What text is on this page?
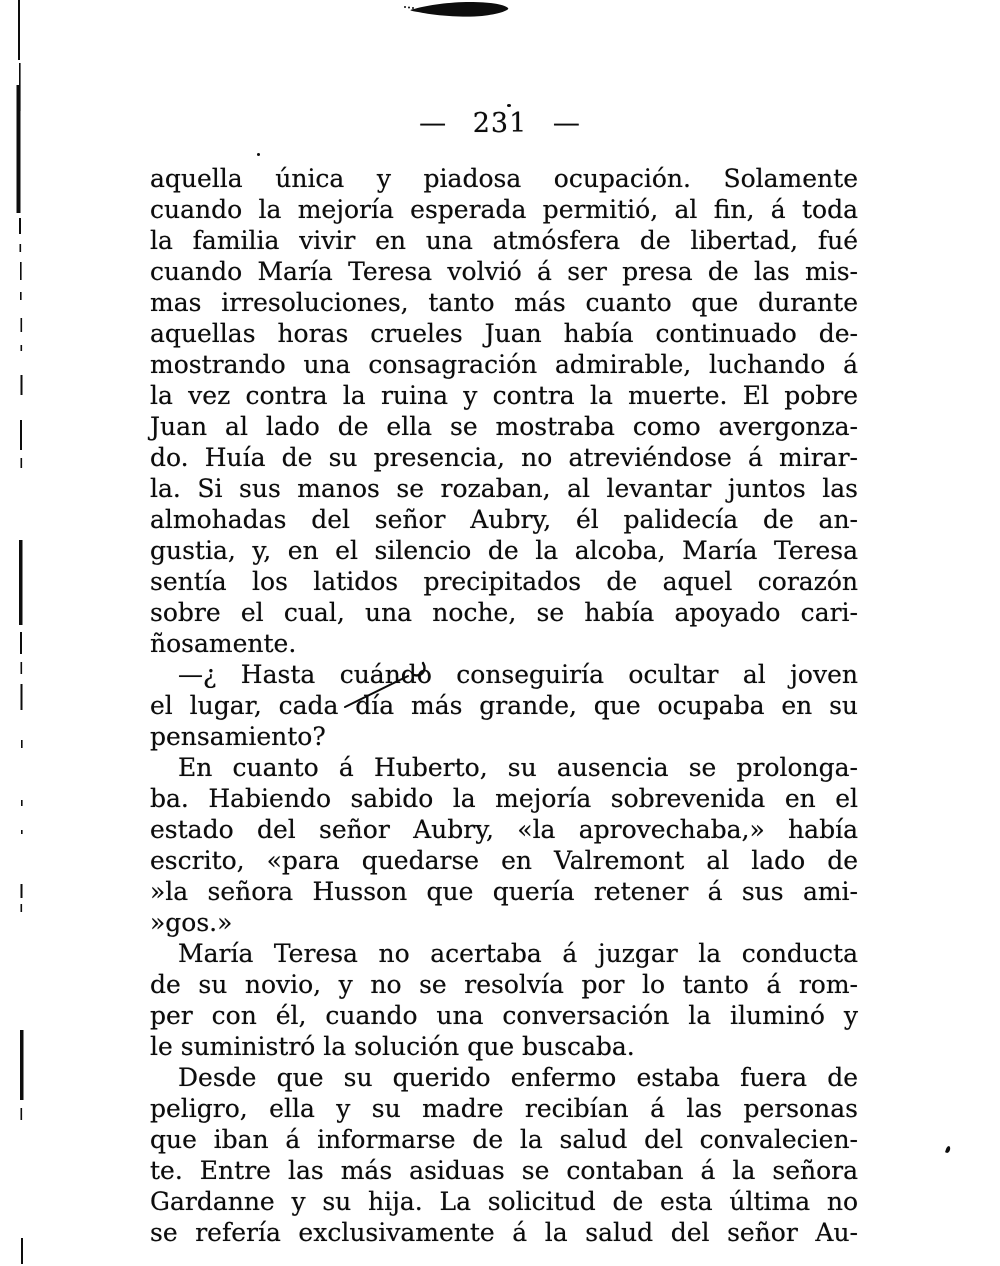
— 231 —
aquella única y piadosa ocupación. Solamente
cuando la mejoría esperada permitió, al fin, á toda
la familia vivir en una atmósfera de libertad, fué
cuando María Teresa volvió á ser presa de las mis-
mas irresoluciones, tanto más cuanto que durante
aquellas horas crueles Juan había continuado de-
mostrando una consagración admirable, luchando á
la vez contra la ruina y contra la muerte. El pobre
Juan al lado de ella se mostraba como avergonza-
do. Huía de su presencia, no atreviéndose á mirar-
la. Si sus manos se rozaban, al levantar juntos las
almohadas del señor Aubry, él palidecía de an-
gustia, y, en el silencio de la alcoba, María Teresa
sentía los latidos precipitados de aquel corazón
sobre el cual, una noche, se había apoyado cari-
ñosamente.
—¿ Hasta cuándo conseguiría ocultar al joven
el lugar, cada día más grande, que ocupaba en su
pensamiento?
En cuanto á Huberto, su ausencia se prolonga-
ba. Habiendo sabido la mejoría sobrevenida en el
estado del señor Aubry, «la aprovechaba,» había
escrito, «para quedarse en Valremont al lado de
»la señora Husson que quería retener á sus ami-
»gos.»
María Teresa no acertaba á juzgar la conducta
de su novio, y no se resolvía por lo tanto á rom-
per con él, cuando una conversación la iluminó y
le suministró la solución que buscaba.
Desde que su querido enfermo estaba fuera de
peligro, ella y su madre recibían á las personas
que iban á informarse de la salud del convalecien-
te. Entre las más asiduas se contaban á la señora
Gardanne y su hija. La solicitud de esta última no
se refería exclusivamente á la salud del señor Au-
